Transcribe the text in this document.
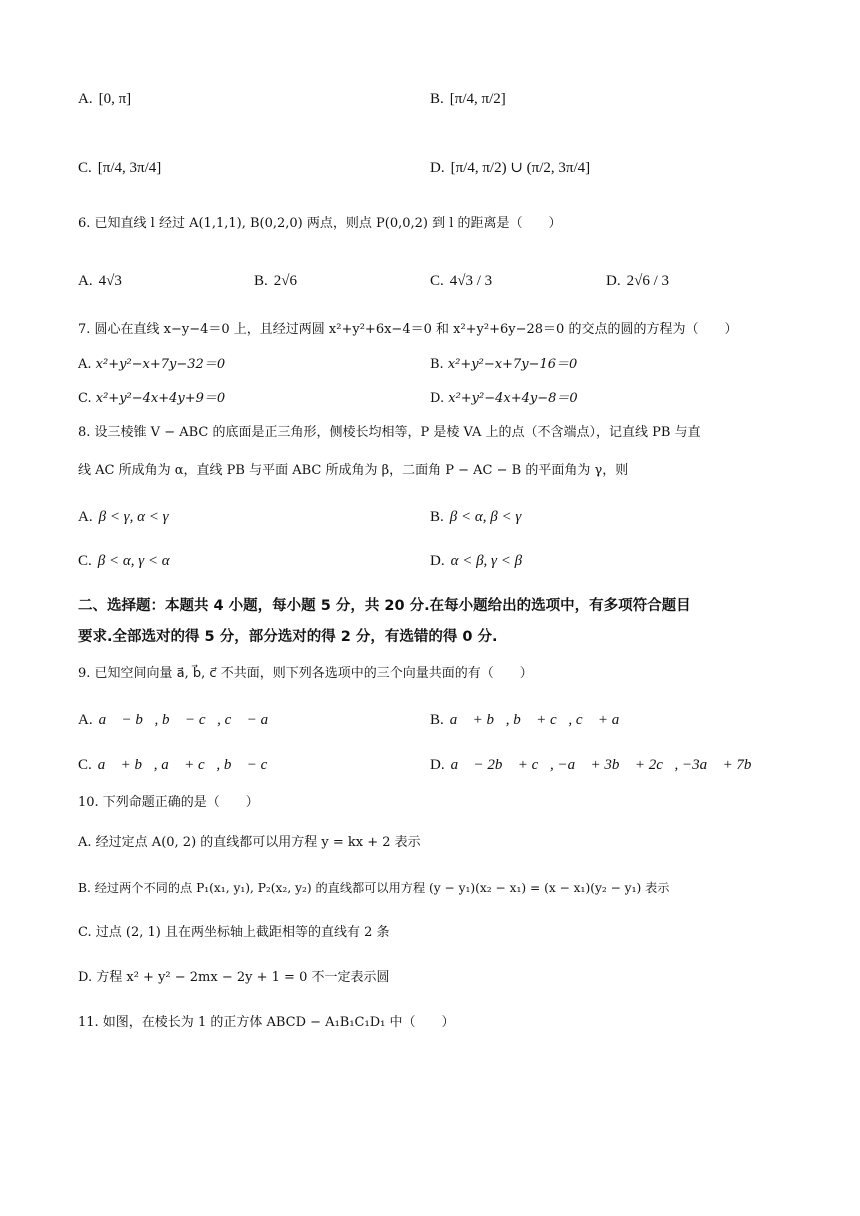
A. [0, π]	B. [π/4, π/2]
C. [π/4, 3π/4]	D. [π/4, π/2) ∪ (π/2, 3π/4]
6. 已知直线 l 经过 A(1,1,1), B(0,2,0) 两点，则点 P(0,0,2) 到 l 的距离是（　　）
A. 4√3	B. 2√6	C. 4√3 / 3	D. 2√6 / 3
7. 圆心在直线 x−y−4＝0 上，且经过两圆 x²+y²+6x−4＝0 和 x²+y²+6y−28＝0 的交点的圆的方程为（　　）
A. x²+y²−x+7y−32＝0	B. x²+y²−x+7y−16＝0
C. x²+y²−4x+4y+9＝0	D. x²+y²−4x+4y−8＝0
8. 设三棱锥 V − ABC 的底面是正三角形，侧棱长均相等，P 是棱 VA 上的点（不含端点），记直线 PB 与直
线 AC 所成角为 α，直线 PB 与平面 ABC 所成角为 β，二面角 P − AC − B 的平面角为 γ，则
A. β < γ, α < γ	B. β < α, β < γ
C. β < α, γ < α	D. α < β, γ < β
二、选择题：本题共 4 小题，每小题 5 分，共 20 分.在每小题给出的选项中，有多项符合题目
要求.全部选对的得 5 分，部分选对的得 2 分，有选错的得 0 分.
9. 已知空间向量 a⃗, b⃗, c⃗ 不共面，则下列各选项中的三个向量共面的有（　　）
A. a⃗ − b⃗, b⃗ − c⃗, c⃗ − a⃗	B. a⃗ + b⃗, b⃗ + c⃗, c⃗ + a⃗
C. a⃗ + b⃗, a⃗ + c⃗, b⃗ − c⃗	D. a⃗ − 2b⃗ + c⃗, −a⃗ + 3b⃗ + 2c⃗, −3a⃗ + 7b⃗
10. 下列命题正确的是（　　）
A. 经过定点 A(0, 2) 的直线都可以用方程 y = kx + 2 表示
B. 经过两个不同的点 P₁(x₁, y₁), P₂(x₂, y₂) 的直线都可以用方程 (y − y₁)(x₂ − x₁) = (x − x₁)(y₂ − y₁) 表示
C. 过点 (2, 1) 且在两坐标轴上截距相等的直线有 2 条
D. 方程 x² + y² − 2mx − 2y + 1 = 0 不一定表示圆
11. 如图，在棱长为 1 的正方体 ABCD − A₁B₁C₁D₁ 中（　　）
